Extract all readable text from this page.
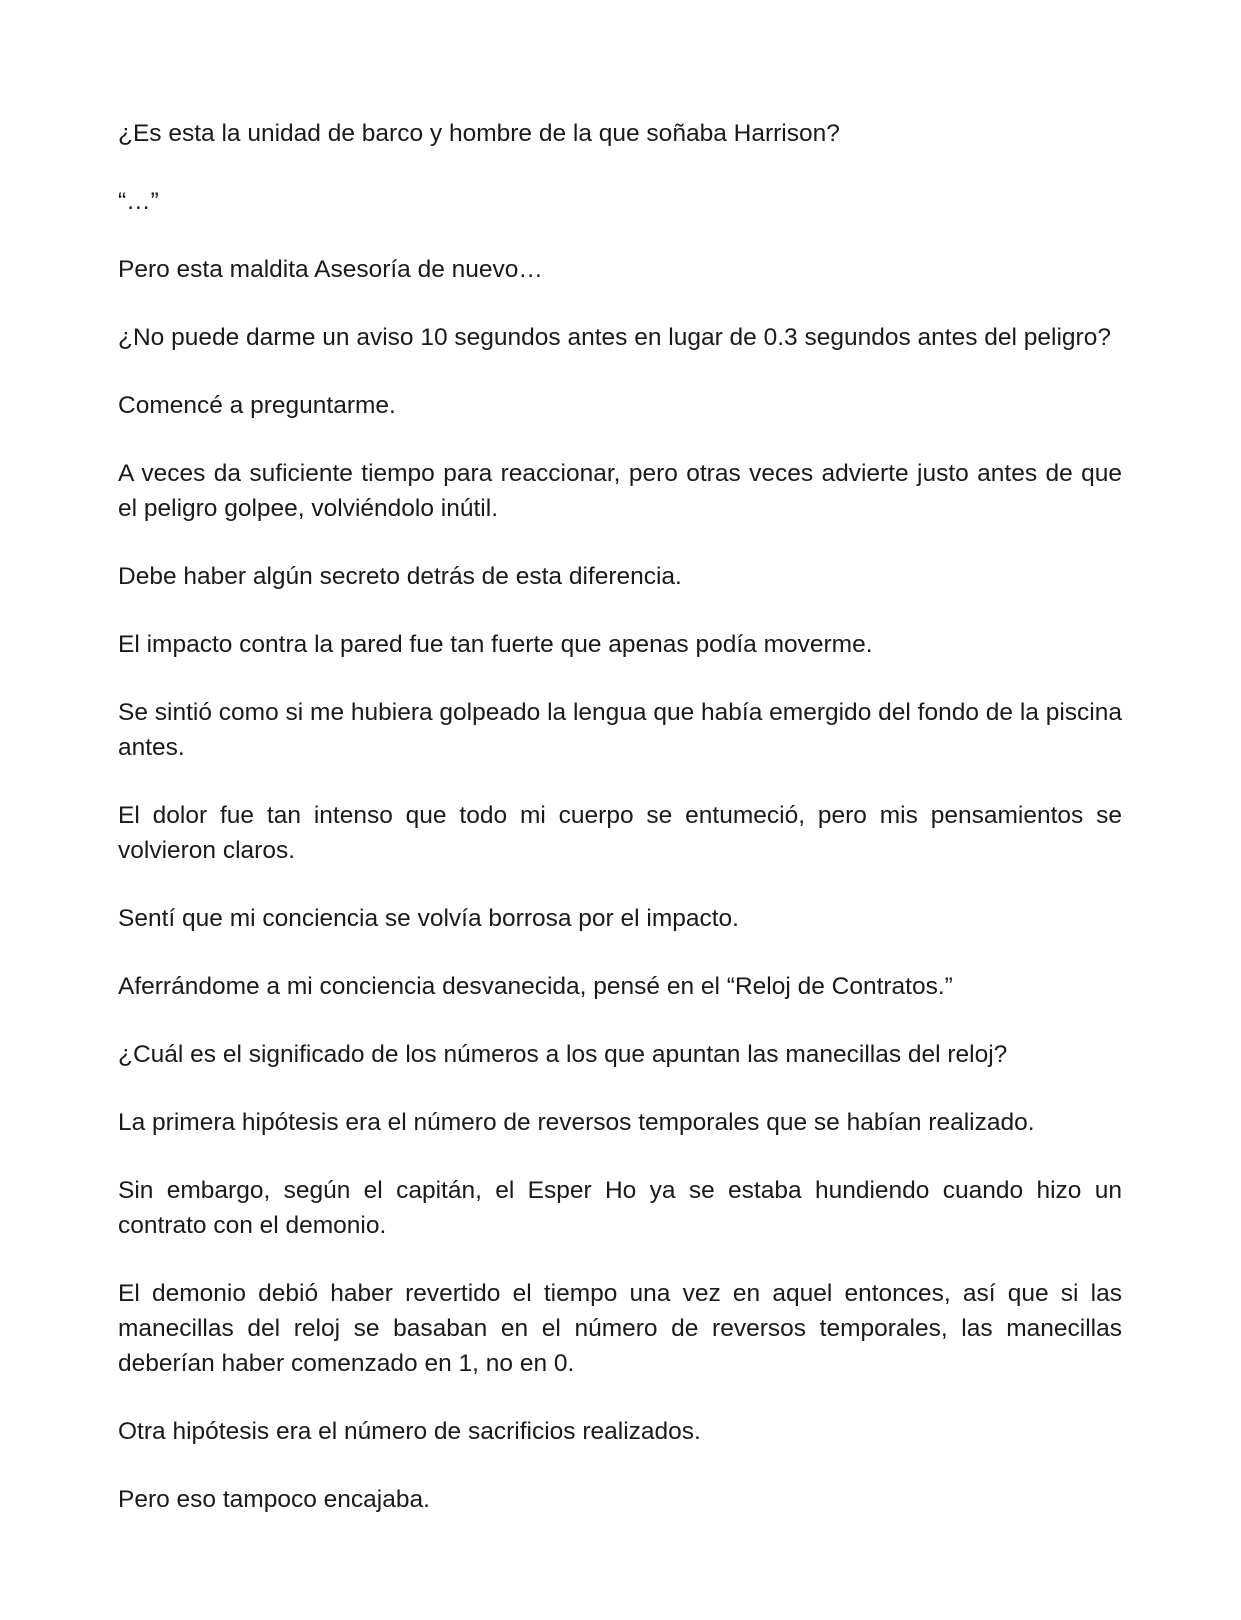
¿Es esta la unidad de barco y hombre de la que soñaba Harrison?

“…”

Pero esta maldita Asesoría de nuevo…

¿No puede darme un aviso 10 segundos antes en lugar de 0.3 segundos antes del peligro?

Comencé a preguntarme.

A veces da suficiente tiempo para reaccionar, pero otras veces advierte justo antes de que el peligro golpee, volviéndolo inútil.

Debe haber algún secreto detrás de esta diferencia.

El impacto contra la pared fue tan fuerte que apenas podía moverme.

Se sintió como si me hubiera golpeado la lengua que había emergido del fondo de la piscina antes.

El dolor fue tan intenso que todo mi cuerpo se entumeció, pero mis pensamientos se volvieron claros.

Sentí que mi conciencia se volvía borrosa por el impacto.

Aferrándome a mi conciencia desvanecida, pensé en el “Reloj de Contratos.”

¿Cuál es el significado de los números a los que apuntan las manecillas del reloj?

La primera hipótesis era el número de reversos temporales que se habían realizado.

Sin embargo, según el capitán, el Esper Ho ya se estaba hundiendo cuando hizo un contrato con el demonio.

El demonio debió haber revertido el tiempo una vez en aquel entonces, así que si las manecillas del reloj se basaban en el número de reversos temporales, las manecillas deberían haber comenzado en 1, no en 0.

Otra hipótesis era el número de sacrificios realizados.

Pero eso tampoco encajaba.
